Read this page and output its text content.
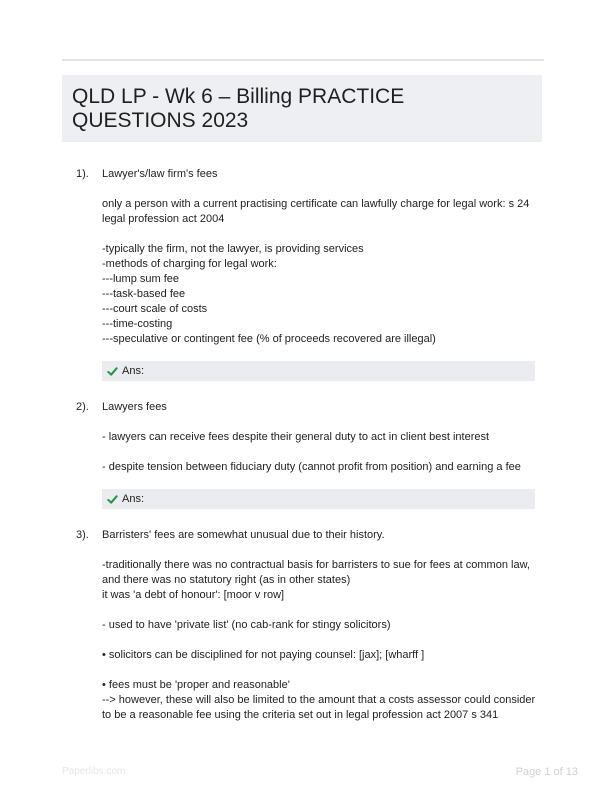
QLD LP - Wk 6 – Billing PRACTICE QUESTIONS 2023
1). Lawyer's/law firm's fees

only a person with a current practising certificate can lawfully charge for legal work: s 24 legal profession act 2004

-typically the firm, not the lawyer, is providing services
-methods of charging for legal work:
---lump sum fee
---task-based fee
---court scale of costs
---time-costing
---speculative or contingent fee (% of proceeds recovered are illegal)

Ans:
2). Lawyers fees

- lawyers can receive fees despite their general duty to act in client best interest

- despite tension between fiduciary duty (cannot profit from position) and earning a fee

Ans:
3). Barristers' fees are somewhat unusual due to their history.

-traditionally there was no contractual basis for barristers to sue for fees at common law, and there was no statutory right (as in other states)
it was 'a debt of honour': [moor v row]

- used to have 'private list' (no cab-rank for stingy solicitors)

• solicitors can be disciplined for not paying counsel: [jax]; [wharff ]

• fees must be 'proper and reasonable'
--> however, these will also be limited to the amount that a costs assessor could consider to be a reasonable fee using the criteria set out in legal profession act 2007 s 341

Paperlibs.com	Page 1 of 13
